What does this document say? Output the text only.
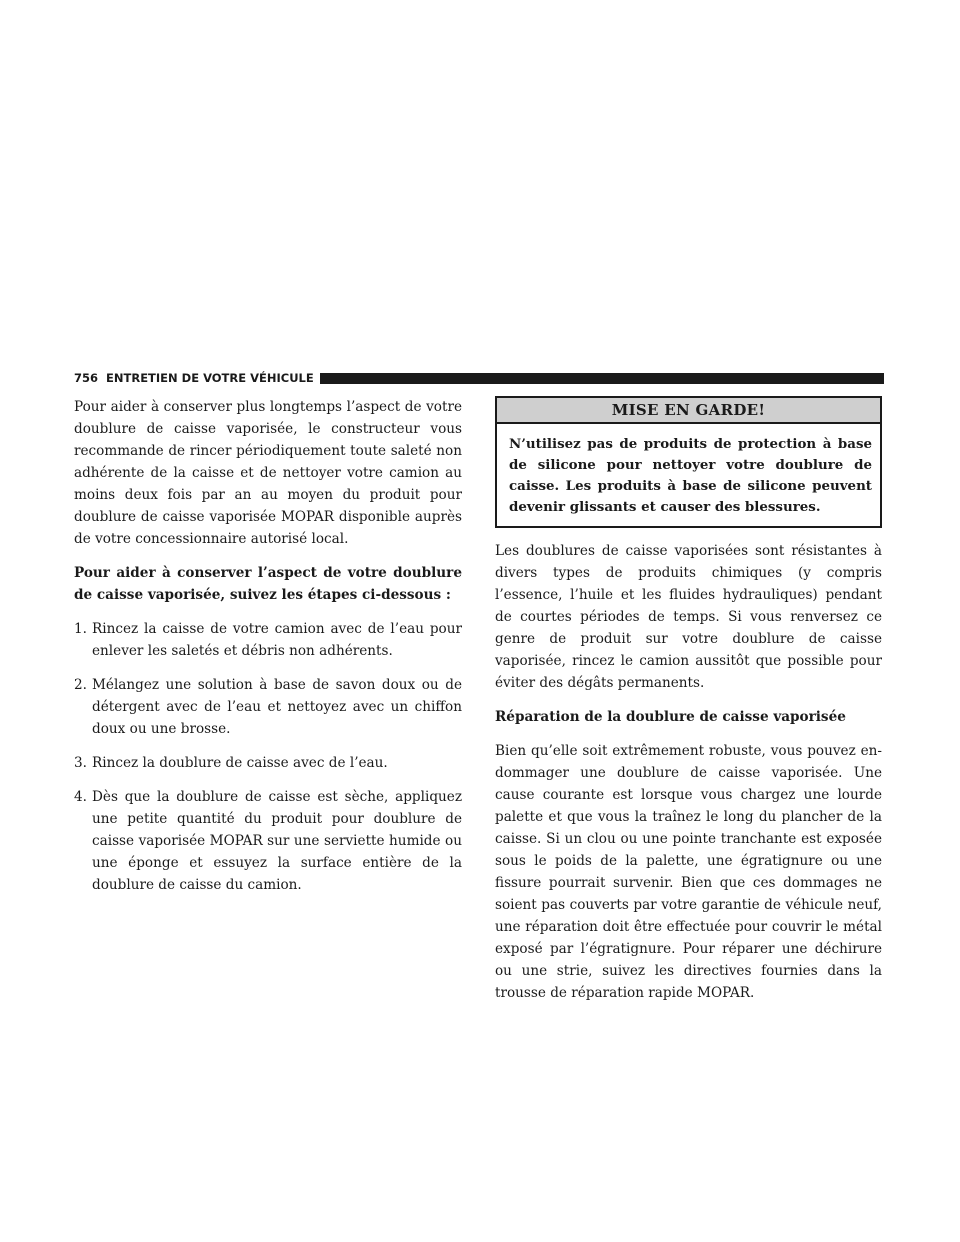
756 ENTRETIEN DE VOTRE VÉHICULE

Pour aider à conserver plus longtemps l’aspect de votre doublure de caisse vaporisée, le constructeur vous recommande de rincer périodiquement toute saleté non adhérente de la caisse et de nettoyer votre camion au moins deux fois par an au moyen du produit pour doublure de caisse vaporisée MOPAR disponible auprès de votre concessionnaire autorisé local.

Pour aider à conserver l’aspect de votre doublure de caisse vaporisée, suivez les étapes ci-dessous :

1. Rincez la caisse de votre camion avec de l’eau pour enlever les saletés et débris non adhérents.
2. Mélangez une solution à base de savon doux ou de détergent avec de l’eau et nettoyez avec un chiffon doux ou une brosse.
3. Rincez la doublure de caisse avec de l’eau.
4. Dès que la doublure de caisse est sèche, appliquez une petite quantité du produit pour doublure de caisse vaporisée MOPAR sur une serviette humide ou une éponge et essuyez la surface entière de la doublure de caisse du camion.
MISE EN GARDE!
N’utilisez pas de produits de protection à base de silicone pour nettoyer votre doublure de caisse. Les produits à base de silicone peuvent devenir glissants et causer des blessures.

Les doublures de caisse vaporisées sont résistantes à divers types de produits chimiques (y compris l’essence, l’huile et les fluides hydrauliques) pendant de courtes périodes de temps. Si vous renversez ce genre de produit sur votre doublure de caisse vaporisée, rincez le camion aussitôt que possible pour éviter des dégâts permanents.

Réparation de la doublure de caisse vaporisée

Bien qu’elle soit extrêmement robuste, vous pouvez endommager une doublure de caisse vaporisée. Une cause courante est lorsque vous chargez une lourde palette et que vous la traînez le long du plancher de la caisse. Si un clou ou une pointe tranchante est exposée sous le poids de la palette, une égratignure ou une fissure pourrait survenir. Bien que ces dommages ne soient pas couverts par votre garantie de véhicule neuf, une réparation doit être effectuée pour couvrir le métal exposé par l’égratignure. Pour réparer une déchirure ou une strie, suivez les directives fournies dans la trousse de réparation rapide MOPAR.
